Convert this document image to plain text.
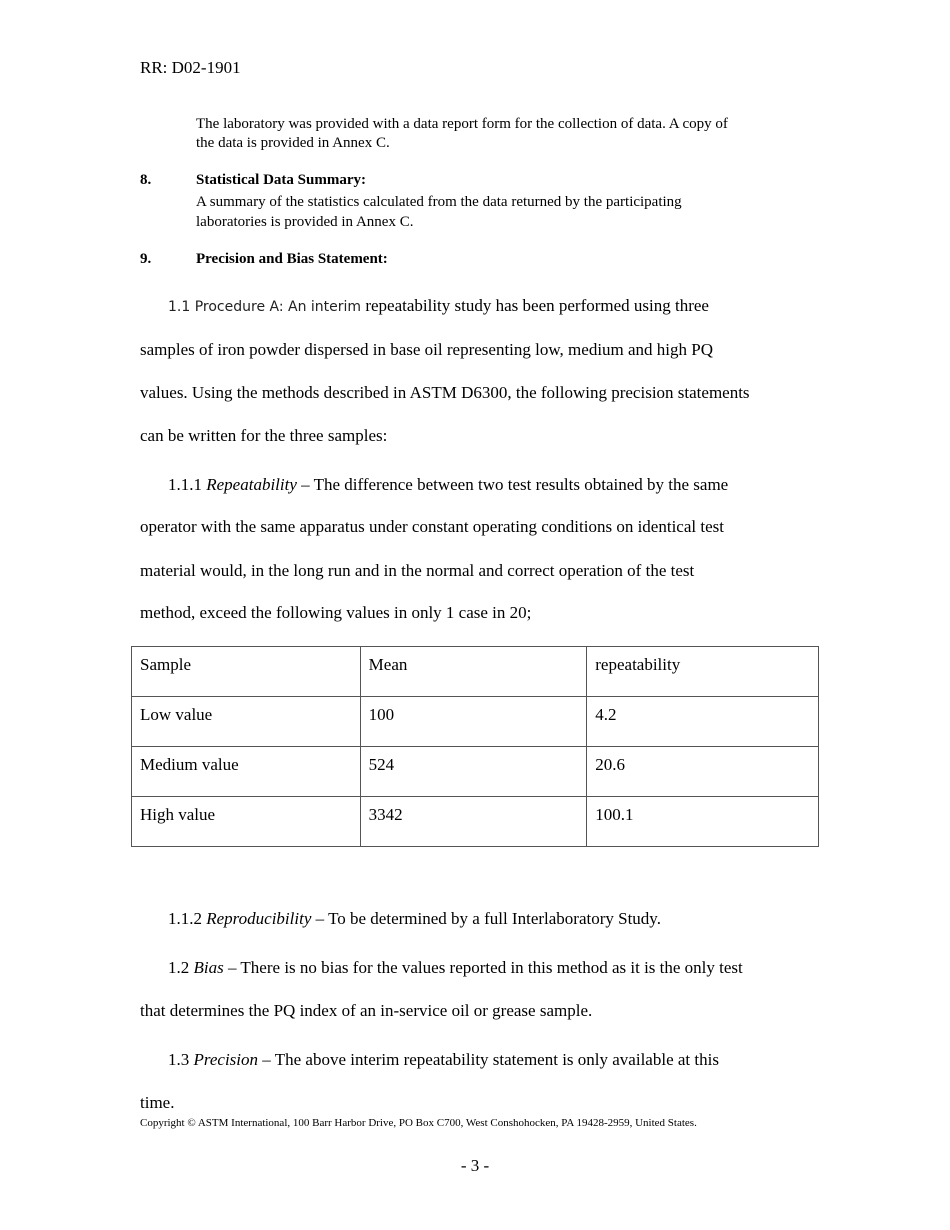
RR: D02-1901
The laboratory was provided with a data report form for the collection of data. A copy of
the data is provided in Annex C.
8.	Statistical Data Summary:
A summary of the statistics calculated from the data returned by the participating
laboratories is provided in Annex C.
9.	Precision and Bias Statement:
1.1 Procedure A: An interim repeatability study has been performed using three
samples of iron powder dispersed in base oil representing low, medium and high PQ
values. Using the methods described in ASTM D6300, the following precision statements
can be written for the three samples:
1.1.1 Repeatability – The difference between two test results obtained by the same
operator with the same apparatus under constant operating conditions on identical test
material would, in the long run and in the normal and correct operation of the test
method, exceed the following values in only 1 case in 20;
Sample	Mean	repeatability
Low value	100	4.2
Medium value	524	20.6
High value	3342	100.1
1.1.2 Reproducibility – To be determined by a full Interlaboratory Study.
1.2 Bias – There is no bias for the values reported in this method as it is the only test
that determines the PQ index of an in-service oil or grease sample.
1.3 Precision – The above interim repeatability statement is only available at this
time.
Copyright © ASTM International, 100 Barr Harbor Drive, PO Box C700, West Conshohocken, PA 19428-2959, United States.
- 3 -
